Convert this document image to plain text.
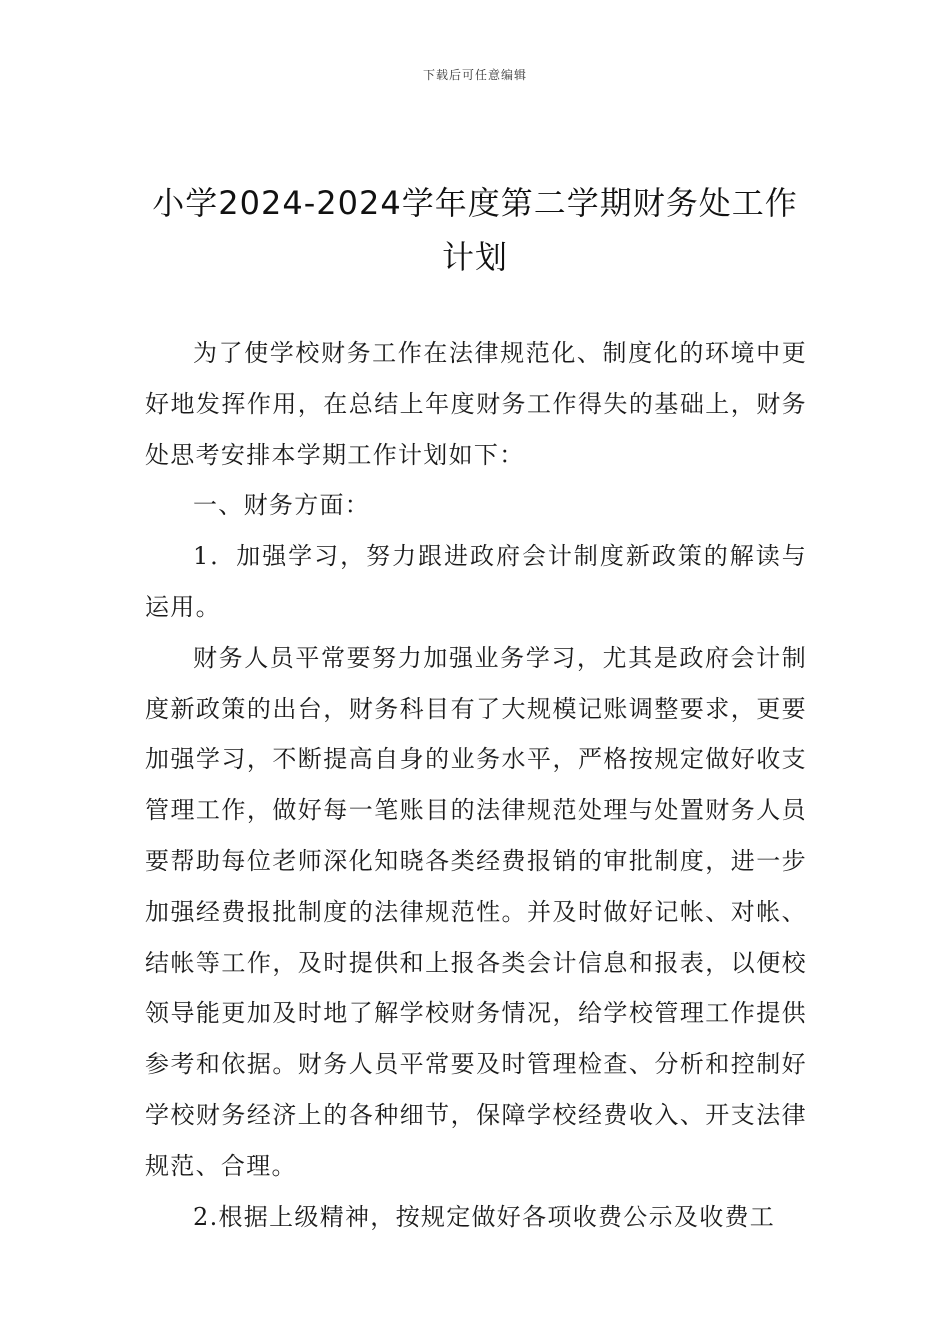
下载后可任意编辑
小学2024-2024学年度第二学期财务处工作计划

为了使学校财务工作在法律规范化、制度化的环境中更好地发挥作用，在总结上年度财务工作得失的基础上，财务处思考安排本学期工作计划如下：

一、财务方面：

1．加强学习，努力跟进政府会计制度新政策的解读与运用。

财务人员平常要努力加强业务学习，尤其是政府会计制度新政策的出台，财务科目有了大规模记账调整要求，更要加强学习，不断提高自身的业务水平，严格按规定做好收支管理工作，做好每一笔账目的法律规范处理与处置财务人员要帮助每位老师深化知晓各类经费报销的审批制度，进一步加强经费报批制度的法律规范性。并及时做好记帐、对帐、结帐等工作，及时提供和上报各类会计信息和报表，以便校领导能更加及时地了解学校财务情况，给学校管理工作提供参考和依据。财务人员平常要及时管理检查、分析和控制好学校财务经济上的各种细节，保障学校经费收入、开支法律规范、合理。

2.根据上级精神，按规定做好各项收费公示及收费工
